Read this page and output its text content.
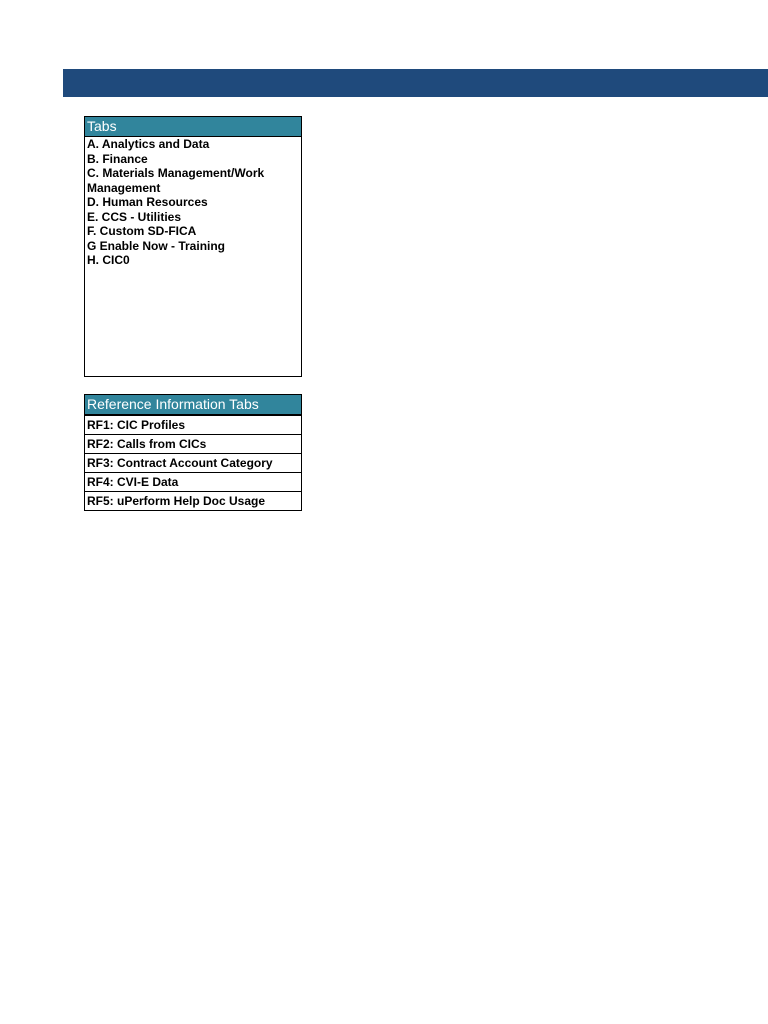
Tabs
A. Analytics and Data
B. Finance
C. Materials Management/Work Management
D. Human Resources
E. CCS - Utilities
F. Custom SD-FICA
G Enable Now - Training
H. CIC0
Reference Information Tabs
RF1: CIC Profiles
RF2: Calls from CICs
RF3: Contract Account Category
RF4: CVI-E Data
RF5: uPerform Help Doc Usage
